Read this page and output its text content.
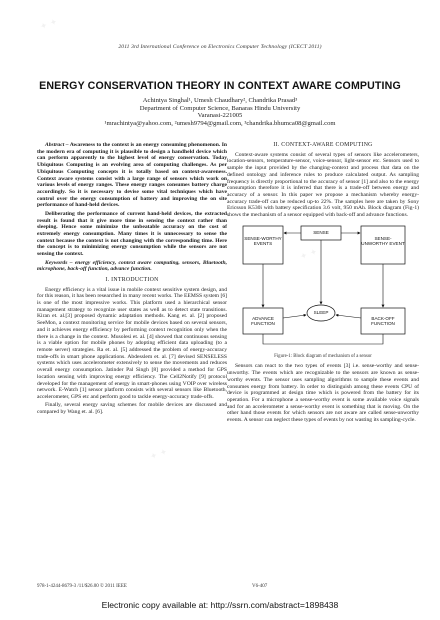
✦ ✦
✦ ✦
✦ ✦
2011 3rd International Conference on Electronics Computer Technology (ICECT 2011)
ENERGY CONSERVATION THEORY IN CONTEXT AWARE COMPUTING
Achintya Singhal¹, Umesh Chaudhary², Chandrika Prasad³
Department of Computer Science, Banaras Hindu University
Varanasi-221005
¹mrachintya@yahoo.com, ²umesh9794@gmail.com, ³chandrika.bhumca08@gmail.com

Abstract – Awareness to the context is an energy consuming phenomenon. In the modern era of computing it is plausible to design a handheld device which can perform apparently to the highest level of energy conservation. Today Ubiquitous Computing is an evolving area of computing challenges. As per Ubiquitous Computing concepts it is totally based on context-awareness. Context aware systems consist with a large range of sensors which work on various levels of energy ranges. These energy ranges consumes battery charge accordingly. So it is necessary to devise some vital techniques which have control over the energy consumption of battery and improving the on site performance of hand-held devices.

Deliberating the performance of current hand-held devices, the extracted result is found that it give more time in sensing the context rather than sleeping. Hence some minimize the unbeatable accuracy on the cost of extremely energy consumption. Many times it is unnecessary to sense the context because the context is not changing with the corresponding time. Here the concept is to minimizing energy consumption while the sensors are not sensing the context.

Keywords – energy efficiency, context aware computing, sensors, Bluetooth, microphone, back-off function, advance function.

I. INTRODUCTION

Energy efficiency is a vital issue in mobile context sensitive system design, and for this reason, it has been researched in many recent works. The EEMSS system [6] is one of the most impressive works. This platform used a hierarchical sensor management strategy to recognize user states as well as to detect state transitions. Kiran et. al.[3] proposed dynamic adaptation methods. Kang et. al. [2] proposed SeeMon, a context monitoring service for mobile devices based on several sensors, and it achieves energy efficiency by performing context recognition only when the there is a change in the context. Musolesi et. al. [4] showed that continuous sensing is a viable option for mobile phones by adopting efficient data uploading (to a remote server) strategies. Ra et. al. [5] addressed the problem of energy-accuracy trade-offs in smart phone applications. Abdesslem et. al. [7] devised SENSELESS systems which uses accelerometer extensively to sense the movements and reduces overall energy consumption. Jatinder Pal Singh [8] provided a method for GPS location sensing with improving energy efficiency. The Cell2Notify [9] protocol developed for the management of energy in smart-phones using VOIP over wireless network. E-Watch [1] sensor platform consists with several sensors like Bluetooth, accelerometer, GPS etc and perform good to tackle energy-accuracy trade-offs.

Finally, several energy saving schemes for mobile devices are discussed and compared by Wang et. al. [6].

II. CONTEXT-AWARE COMPUTING

Context-aware systems consist of several types of sensors like accelerometers, location-sensors, temperature-sensor, voice-sensor, light-sensor etc. Sensors used to sample the input provided by the changing-context and process that data on the defined ontology and inference rules to produce calculated output. As sampling frequency is directly proportional to the accuracy of sensor [1] and also to the energy consumption therefore it is inferred that there is a trade-off between energy and accuracy of a sensor. In this paper we propose a mechanism whereby energy-accuracy trade-off can be reduced up-to 22%. The samples here are taken by Sony Ericsson K530i with battery specification 3.6 volt, 950 mAh. Block diagram (Fig-1) shows the mechanism of a sensor equipped with back-off and advance functions.

SENSE-WORTHY EVENTS
SENSE
SENSE-UNWORTHY EVENT
ADVANCE FUNCTION
SLEEP
BACK-OFF FUNCTION
Figure-1: Block diagram of mechanism of a sensor

Sensors can react to the two types of events [3] i.e. sense-worthy and sense-unworthy. The events which are recognizable to the sensors are known as sense-worthy events. The sensor uses sampling algorithms to sample these events and consumes energy from battery. In order to distinguish among these events CPU of device is programmed at design time which is powered from the battery for its operation. For a microphone a sense-worthy event is some available voice signals and for an accelerometer a sense-worthy event is something that is moving. On the other hand those events for which sensors are not aware are called sense-unworthy events. A sensor can neglect these types of events by not wasting its sampling-cycle.

978-1-4244-8679-3 /11/$26.00 © 2011 IEEE	V6-407
Electronic copy available at: http://ssrn.com/abstract=1898438
